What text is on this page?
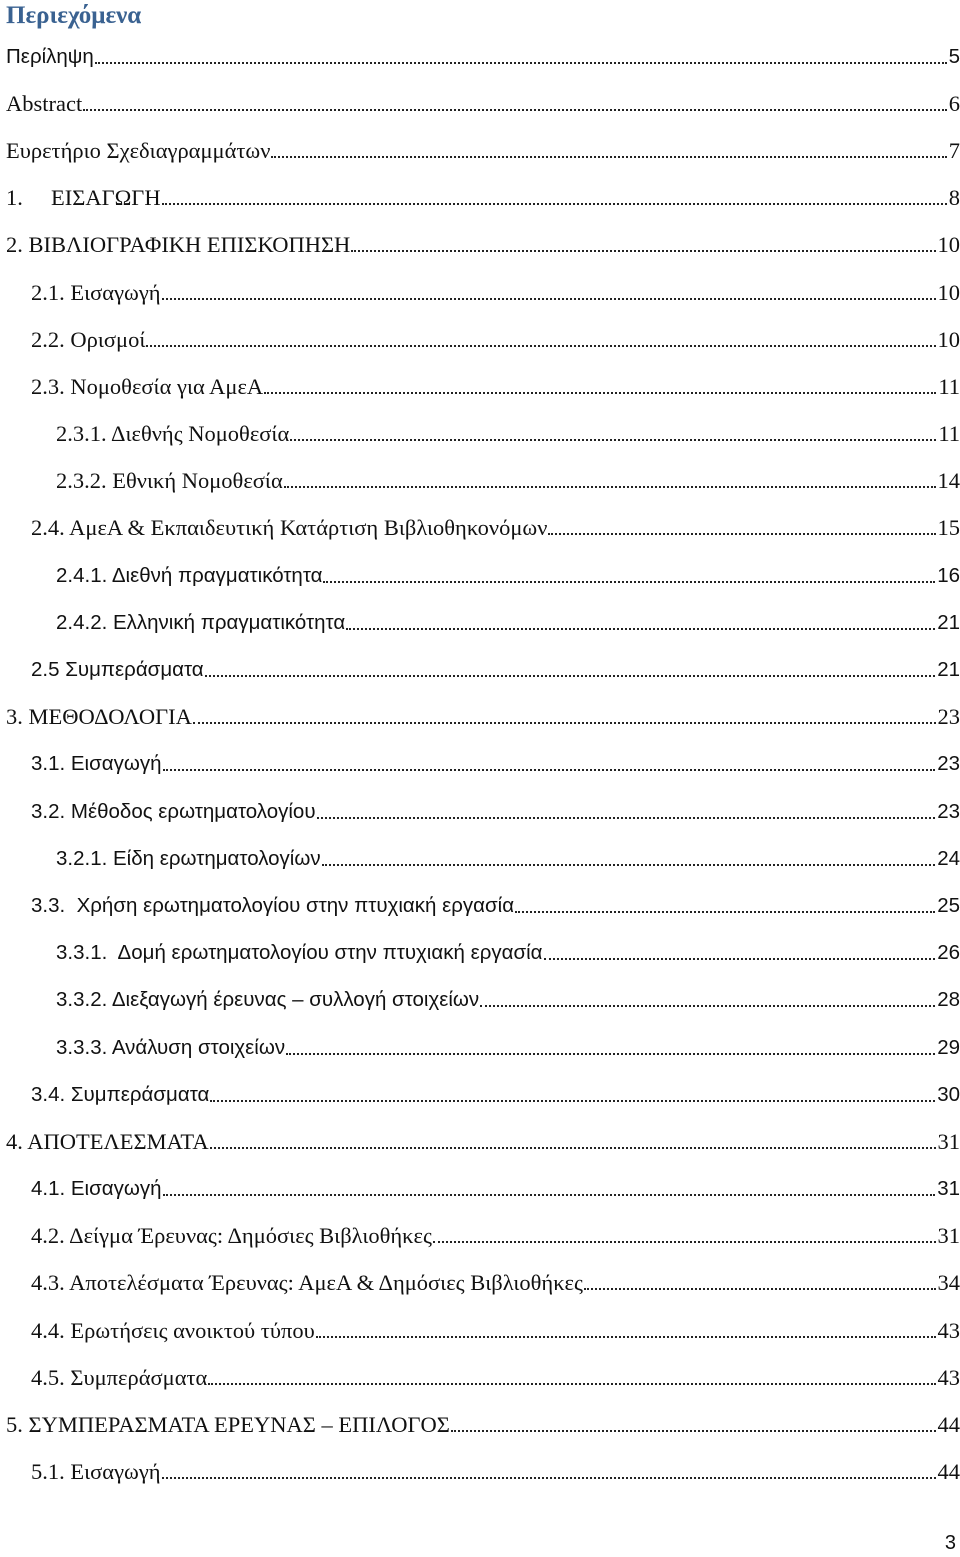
Περιεχόμενα
Περίληψη	5
Abstract	6
Ευρετήριο Σχεδιαγραμμάτων	7
1.     ΕΙΣΑΓΩΓΗ	8
2. ΒΙΒΛΙΟΓΡΑΦΙΚΗ ΕΠΙΣΚΟΠΗΣΗ	10
2.1. Εισαγωγή	10
2.2. Ορισμοί	10
2.3. Νομοθεσία για ΑμεΑ	11
2.3.1. Διεθνής Νομοθεσία	11
2.3.2. Εθνική Νομοθεσία	14
2.4. ΑμεΑ & Εκπαιδευτική Κατάρτιση Βιβλιοθηκονόμων	15
2.4.1. Διεθνή πραγματικότητα	16
2.4.2. Ελληνική πραγματικότητα	21
2.5 Συμπεράσματα	21
3. ΜΕΘΟΔΟΛΟΓΙΑ	23
3.1. Εισαγωγή	23
3.2. Μέθοδος ερωτηματολογίου	23
3.2.1. Είδη ερωτηματολογίων	24
3.3.  Χρήση ερωτηματολογίου στην πτυχιακή εργασία	25
3.3.1.  Δομή ερωτηματολογίου στην πτυχιακή εργασία	26
3.3.2. Διεξαγωγή έρευνας – συλλογή στοιχείων	28
3.3.3. Ανάλυση στοιχείων	29
3.4. Συμπεράσματα	30
4. ΑΠΟΤΕΛΕΣΜΑΤΑ	31
4.1. Εισαγωγή	31
4.2. Δείγμα Έρευνας: Δημόσιες Βιβλιοθήκες	31
4.3. Αποτελέσματα Έρευνας: ΑμεΑ & Δημόσιες Βιβλιοθήκες	34
4.4. Ερωτήσεις ανοικτού τύπου	43
4.5. Συμπεράσματα	43
5. ΣΥΜΠΕΡΑΣΜΑΤΑ ΕΡΕΥΝΑΣ – ΕΠΙΛΟΓΟΣ	44
5.1. Εισαγωγή	44
3
